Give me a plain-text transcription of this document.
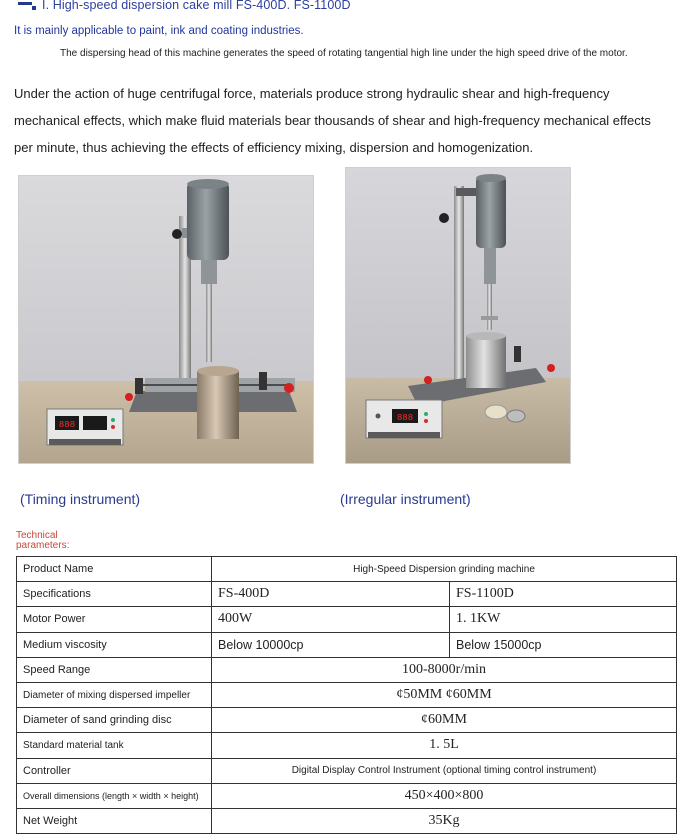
I. High-speed dispersion cake mill FS-400D. FS-1100D
It is mainly applicable to paint, ink and coating industries.
The dispersing head of this machine generates the speed of rotating tangential high line under the high speed drive of the motor.
Under the action of huge centrifugal force, materials produce strong hydraulic shear and high-frequency mechanical effects, which make fluid materials bear thousands of shear and high-frequency mechanical effects per minute, thus achieving the effects of efficiency mixing, dispersion and homogenization.
888
888
(Timing instrument)	(Irregular instrument)
Technical parameters:
Product Name	High-Speed Dispersion grinding machine	
Specifications	FS-400D	FS-1100D
Motor Power	400W	1. 1KW
Medium viscosity	Below 10000cp	Below 15000cp
Speed Range	100-8000r/min	
Diameter of mixing dispersed impeller	¢50MM ¢60MM	
Diameter of sand grinding disc	¢60MM	
Standard material tank	1. 5L	
Controller	Digital Display Control Instrument (optional timing control instrument)	
Overall dimensions (length × width × height)	450×400×800	
Net Weight	35Kg	
